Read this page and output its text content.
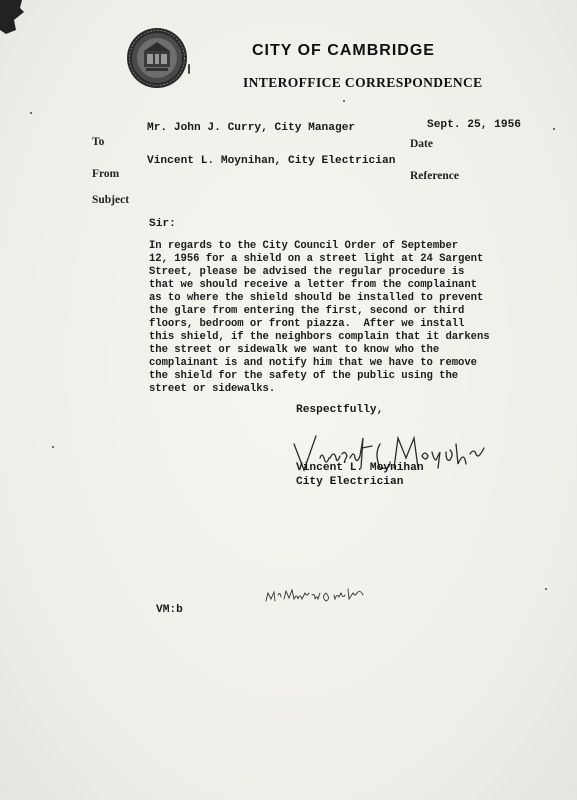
CITY OF CAMBRIDGE
INTEROFFICE CORRESPONDENCE
To
Mr. John J. Curry, City Manager	Sept. 25, 1956
Date
From
Vincent L. Moynihan, City Electrician
Reference
Subject
Sir:
In regards to the City Council Order of September
12, 1956 for a shield on a street light at 24 Sargent
Street, please be advised the regular procedure is
that we should receive a letter from the complainant
as to where the shield should be installed to prevent
the glare from entering the first, second or third
floors, bedroom or front piazza.  After we install
this shield, if the neighbors complain that it darkens
the street or sidewalk we want to know who the
complainant is and notify him that we have to remove
the shield for the safety of the public using the
street or sidewalks.
Respectfully,
Vincent L. Moynihan
City Electrician
VM:b
